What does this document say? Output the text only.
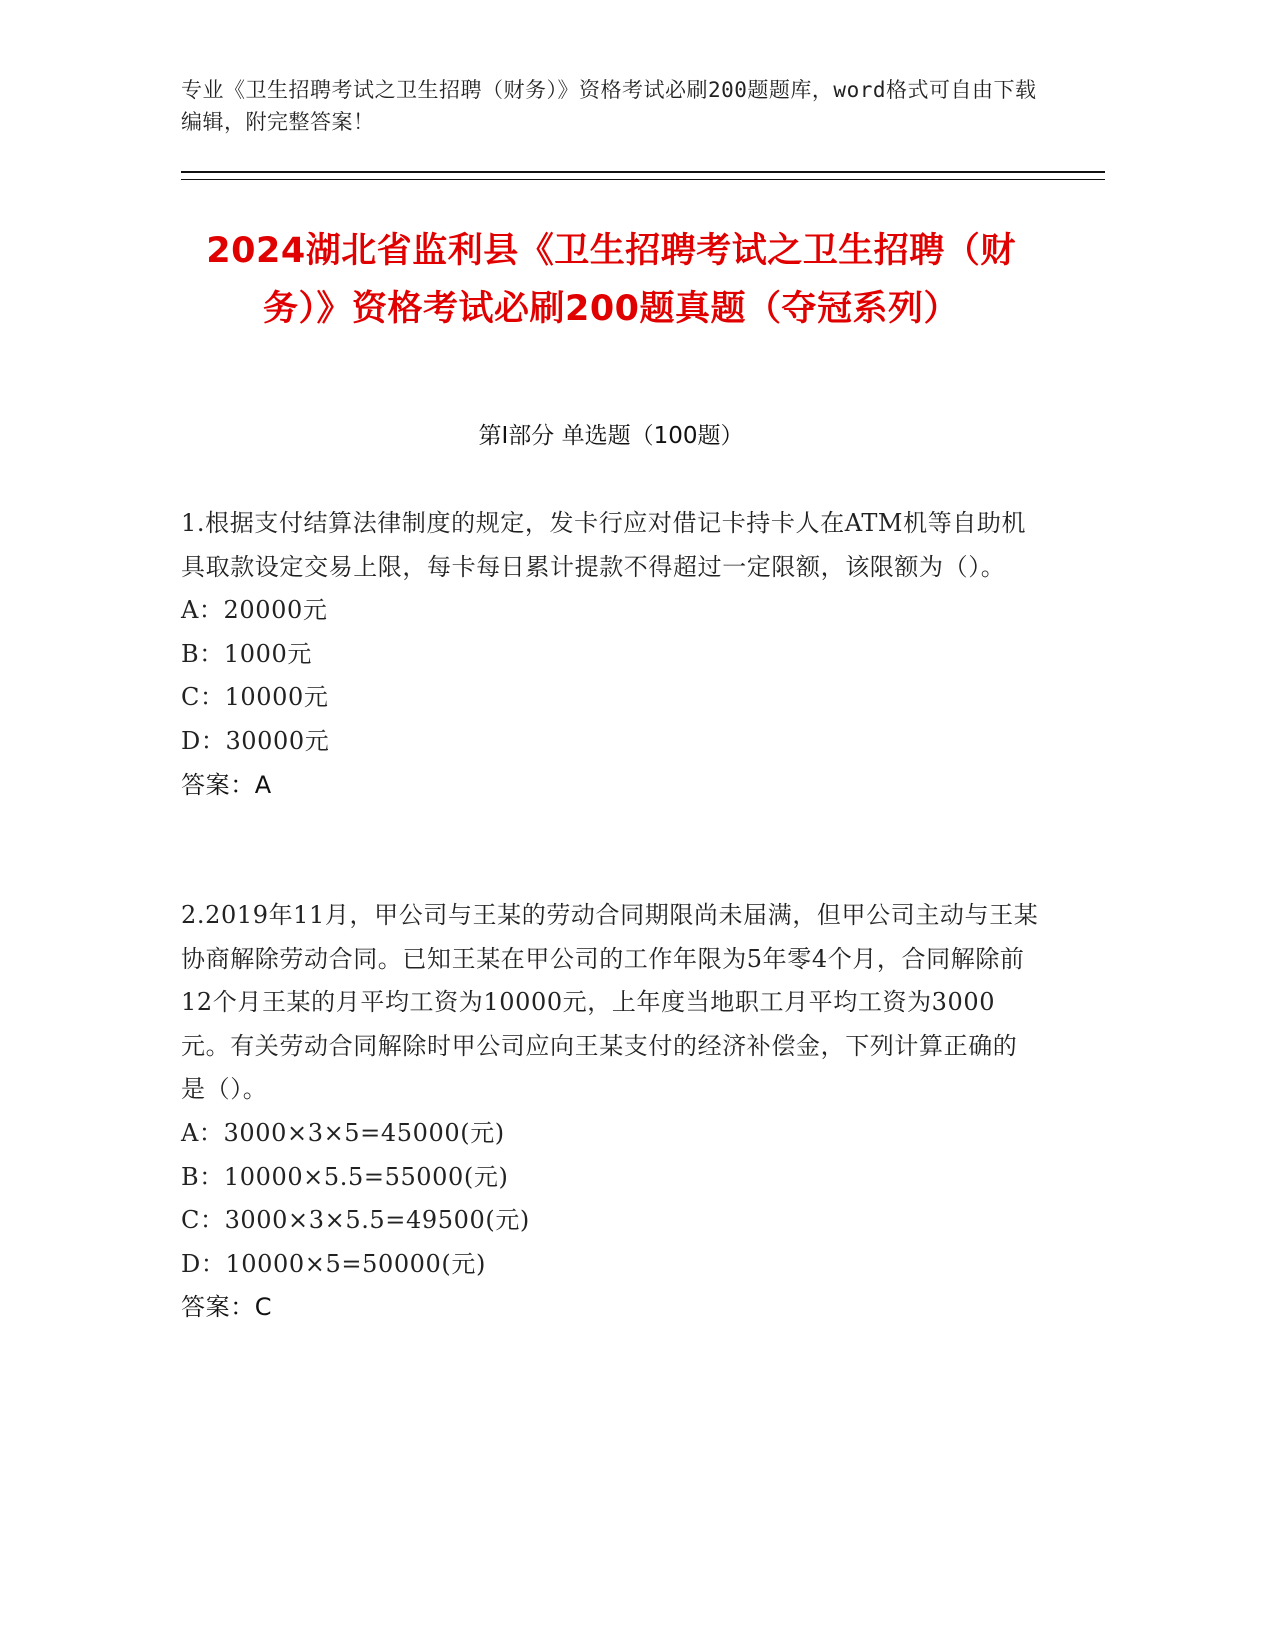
专业《卫生招聘考试之卫生招聘（财务）》资格考试必刷200题题库，word格式可自由下载编辑，附完整答案！
2024湖北省监利县《卫生招聘考试之卫生招聘（财务）》资格考试必刷200题真题（夺冠系列）
第I部分 单选题（100题）

1.根据支付结算法律制度的规定，发卡行应对借记卡持卡人在ATM机等自助机具取款设定交易上限，每卡每日累计提款不得超过一定限额，该限额为（）。

A：20000元

B：1000元

C：10000元

D：30000元

答案：A

2.2019年11月，甲公司与王某的劳动合同期限尚未届满，但甲公司主动与王某协商解除劳动合同。已知王某在甲公司的工作年限为5年零4个月，合同解除前12个月王某的月平均工资为10000元，上年度当地职工月平均工资为3000元。有关劳动合同解除时甲公司应向王某支付的经济补偿金，下列计算正确的是（）。

A：3000×3×5=45000(元)

B：10000×5.5=55000(元)

C：3000×3×5.5=49500(元)

D：10000×5=50000(元)

答案：C
